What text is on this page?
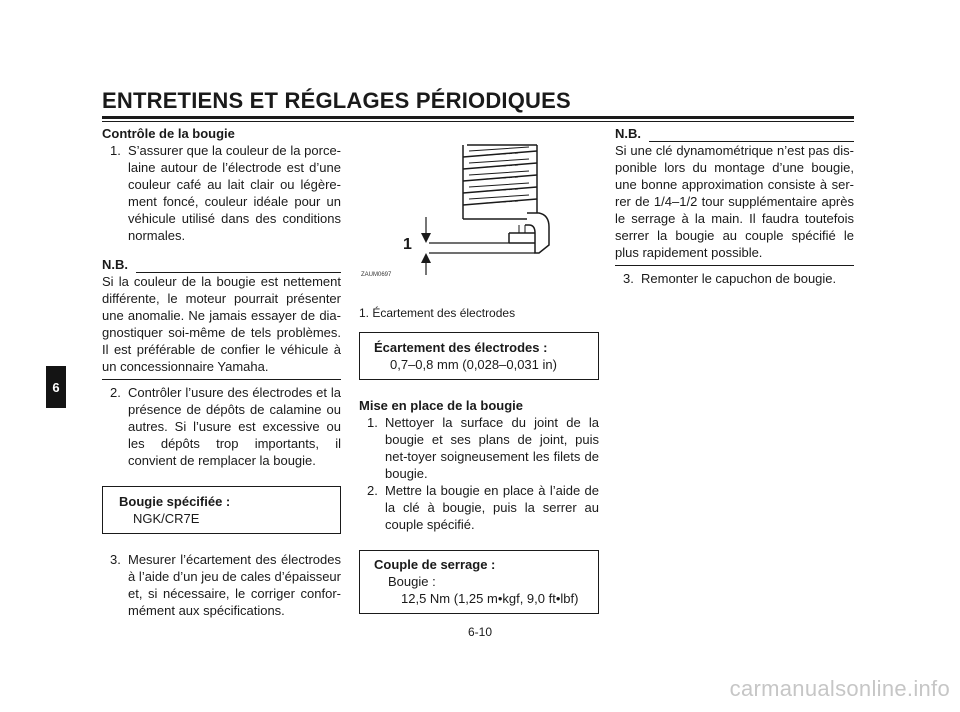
ENTRETIENS ET RÉGLAGES PÉRIODIQUES
6

Contrôle de la bougie

1. S’assurer que la couleur de la porce-laine autour de l’électrode est d’une couleur café au lait clair ou légère-ment foncé, couleur idéale pour un véhicule utilisé dans des conditions normales.

N.B.

Si la couleur de la bougie est nettement différente, le moteur pourrait présenter une anomalie. Ne jamais essayer de dia-gnostiquer soi-même de tels problèmes. Il est préférable de confier le véhicule à un concessionnaire Yamaha.

2. Contrôler l’usure des électrodes et la présence de dépôts de calamine ou autres. Si l’usure est excessive ou les dépôts trop importants, il convient de remplacer la bougie.

Bougie spécifiée :
NGK/CR7E

3. Mesurer l’écartement des électrodes à l’aide d’un jeu de cales d’épaisseur et, si nécessaire, le corriger confor-mément aux spécifications.

1
ZAUM0697
1. Écartement des électrodes
Écartement des électrodes :
0,7–0,8 mm (0,028–0,031 in)

Mise en place de la bougie

1. Nettoyer la surface du joint de la bougie et ses plans de joint, puis net-toyer soigneusement les filets de bougie.

2. Mettre la bougie en place à l’aide de la clé à bougie, puis la serrer au couple spécifié.

Couple de serrage :
Bougie :
12,5 Nm (1,25 m•kgf, 9,0 ft•lbf)
N.B.

Si une clé dynamométrique n’est pas dis-ponible lors du montage d’une bougie, une bonne approximation consiste à ser-rer de 1/4–1/2 tour supplémentaire après le serrage à la main. Il faudra toutefois serrer la bougie au couple spécifié le plus rapidement possible.

3. Remonter le capuchon de bougie.

6-10
carmanualsonline.info
